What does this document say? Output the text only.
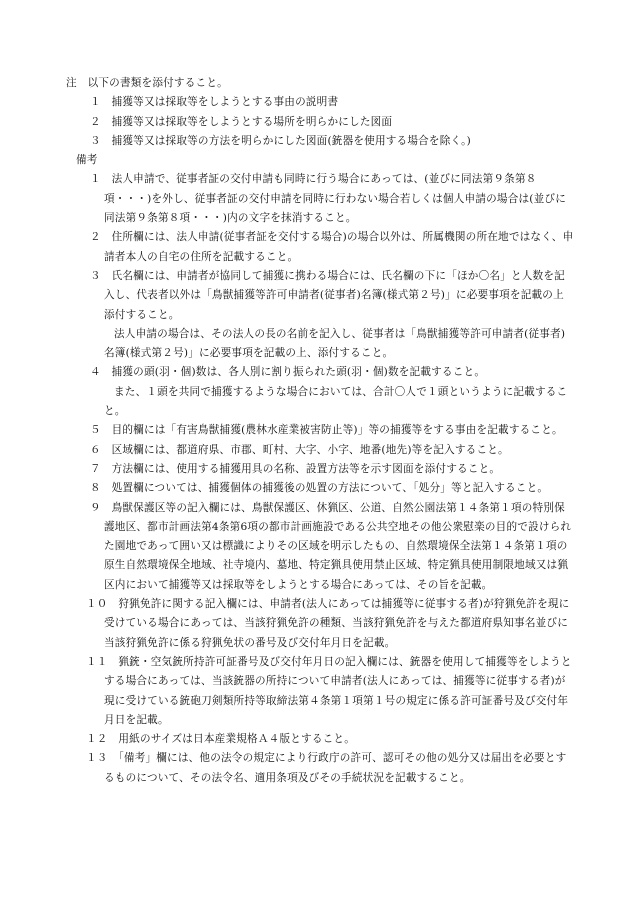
注　以下の書類を添付すること。

１　捕獲等又は採取等をしようとする事由の説明書

２　捕獲等又は採取等をしようとする場所を明らかにした図面

３　捕獲等又は採取等の方法を明らかにした図面(銃器を使用する場合を除く。)

備考

１　法人申請で、従事者証の交付申請も同時に行う場合にあっては、(並びに同法第９条第８項・・・)を外し、従事者証の交付申請を同時に行わない場合若しくは個人申請の場合は(並びに同法第９条第８項・・・)内の文字を抹消すること。

２　住所欄には、法人申請(従事者証を交付する場合)の場合以外は、所属機関の所在地ではなく、申請者本人の自宅の住所を記載すること。

３　氏名欄には、申請者が協同して捕獲に携わる場合には、氏名欄の下に「ほか〇名」と人数を記入し、代表者以外は「鳥獣捕獲等許可申請者(従事者)名簿(様式第２号)」に必要事項を記載の上添付すること。

法人申請の場合は、その法人の長の名前を記入し、従事者は「鳥獣捕獲等許可申請者(従事者)名簿(様式第２号)」に必要事項を記載の上、添付すること。

４　捕獲の頭(羽・個)数は、各人別に割り振られた頭(羽・個)数を記載すること。

また、１頭を共同で捕獲するような場合においては、合計〇人で１頭というように記載すること。

５　目的欄には「有害鳥獣捕獲(農林水産業被害防止等)」等の捕獲等をする事由を記載すること。

６　区域欄には、都道府県、市郡、町村、大字、小字、地番(地先)等を記入すること。

７　方法欄には、使用する捕獲用具の名称、設置方法等を示す図面を添付すること。

８　処置欄については、捕獲個体の捕獲後の処置の方法について、「処分」等と記入すること。

９　鳥獣保護区等の記入欄には、鳥獣保護区、休猟区、公道、自然公園法第１４条第１項の特別保護地区、都市計画法第4条第6項の都市計画施設である公共空地その他公衆慰楽の目的で設けられた園地であって囲い又は標識によりその区域を明示したもの、自然環境保全法第１４条第１項の原生自然環境保全地域、社寺境内、墓地、特定猟具使用禁止区域、特定猟具使用制限地域又は猟区内において捕獲等又は採取等をしようとする場合にあっては、その旨を記載。

１０　狩猟免許に関する記入欄には、申請者(法人にあっては捕獲等に従事する者)が狩猟免許を現に受けている場合にあっては、当該狩猟免許の種類、当該狩猟免許を与えた都道府県知事名並びに当該狩猟免許に係る狩猟免状の番号及び交付年月日を記載。

１１　猟銃・空気銃所持許可証番号及び交付年月日の記入欄には、銃器を使用して捕獲等をしようとする場合にあっては、当該銃器の所持について申請者(法人にあっては、捕獲等に従事する者)が現に受けている銃砲刀剣類所持等取締法第４条第１項第１号の規定に係る許可証番号及び交付年月日を記載。

１２　用紙のサイズは日本産業規格Ａ４版とすること。

１３　「備考」欄には、他の法令の規定により行政庁の許可、認可その他の処分又は届出を必要とするものについて、その法令名、適用条項及びその手続状況を記載すること。
